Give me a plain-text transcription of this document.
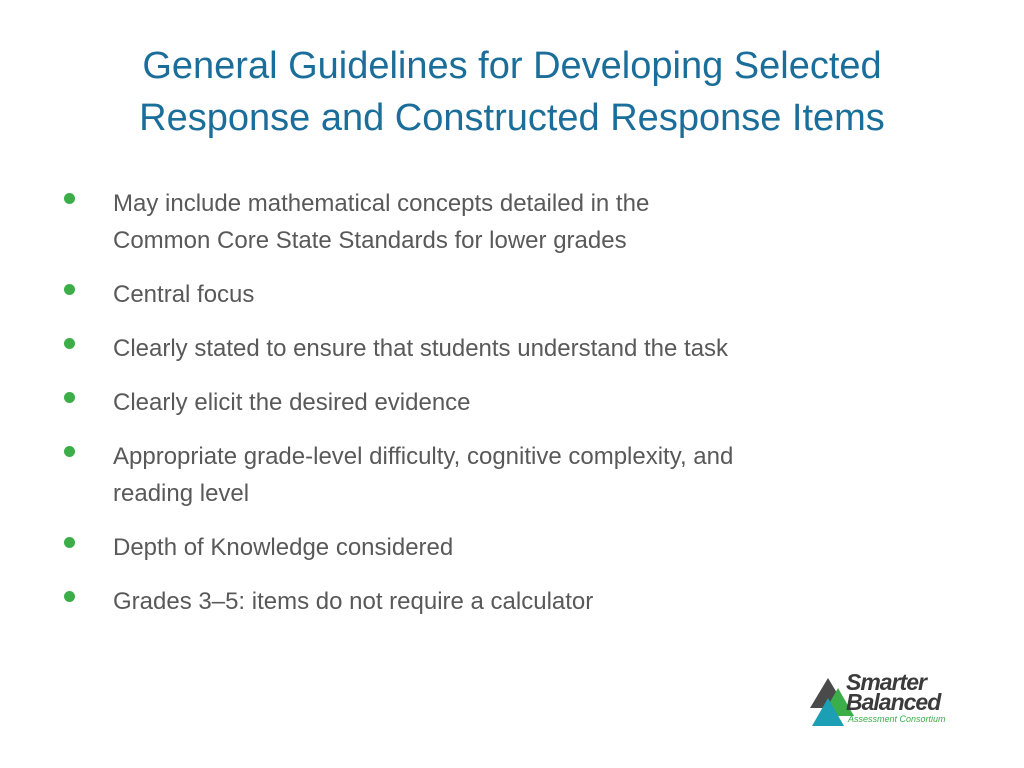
General Guidelines for Developing Selected
Response and Constructed Response Items
May include mathematical concepts detailed in the
Common Core State Standards for lower grades
Central focus
Clearly stated to ensure that students understand the task
Clearly elicit the desired evidence
Appropriate grade-level difficulty, cognitive complexity, and
reading level
Depth of Knowledge considered
Grades 3–5: items do not require a calculator
Smarter
Balanced
Assessment Consortium
